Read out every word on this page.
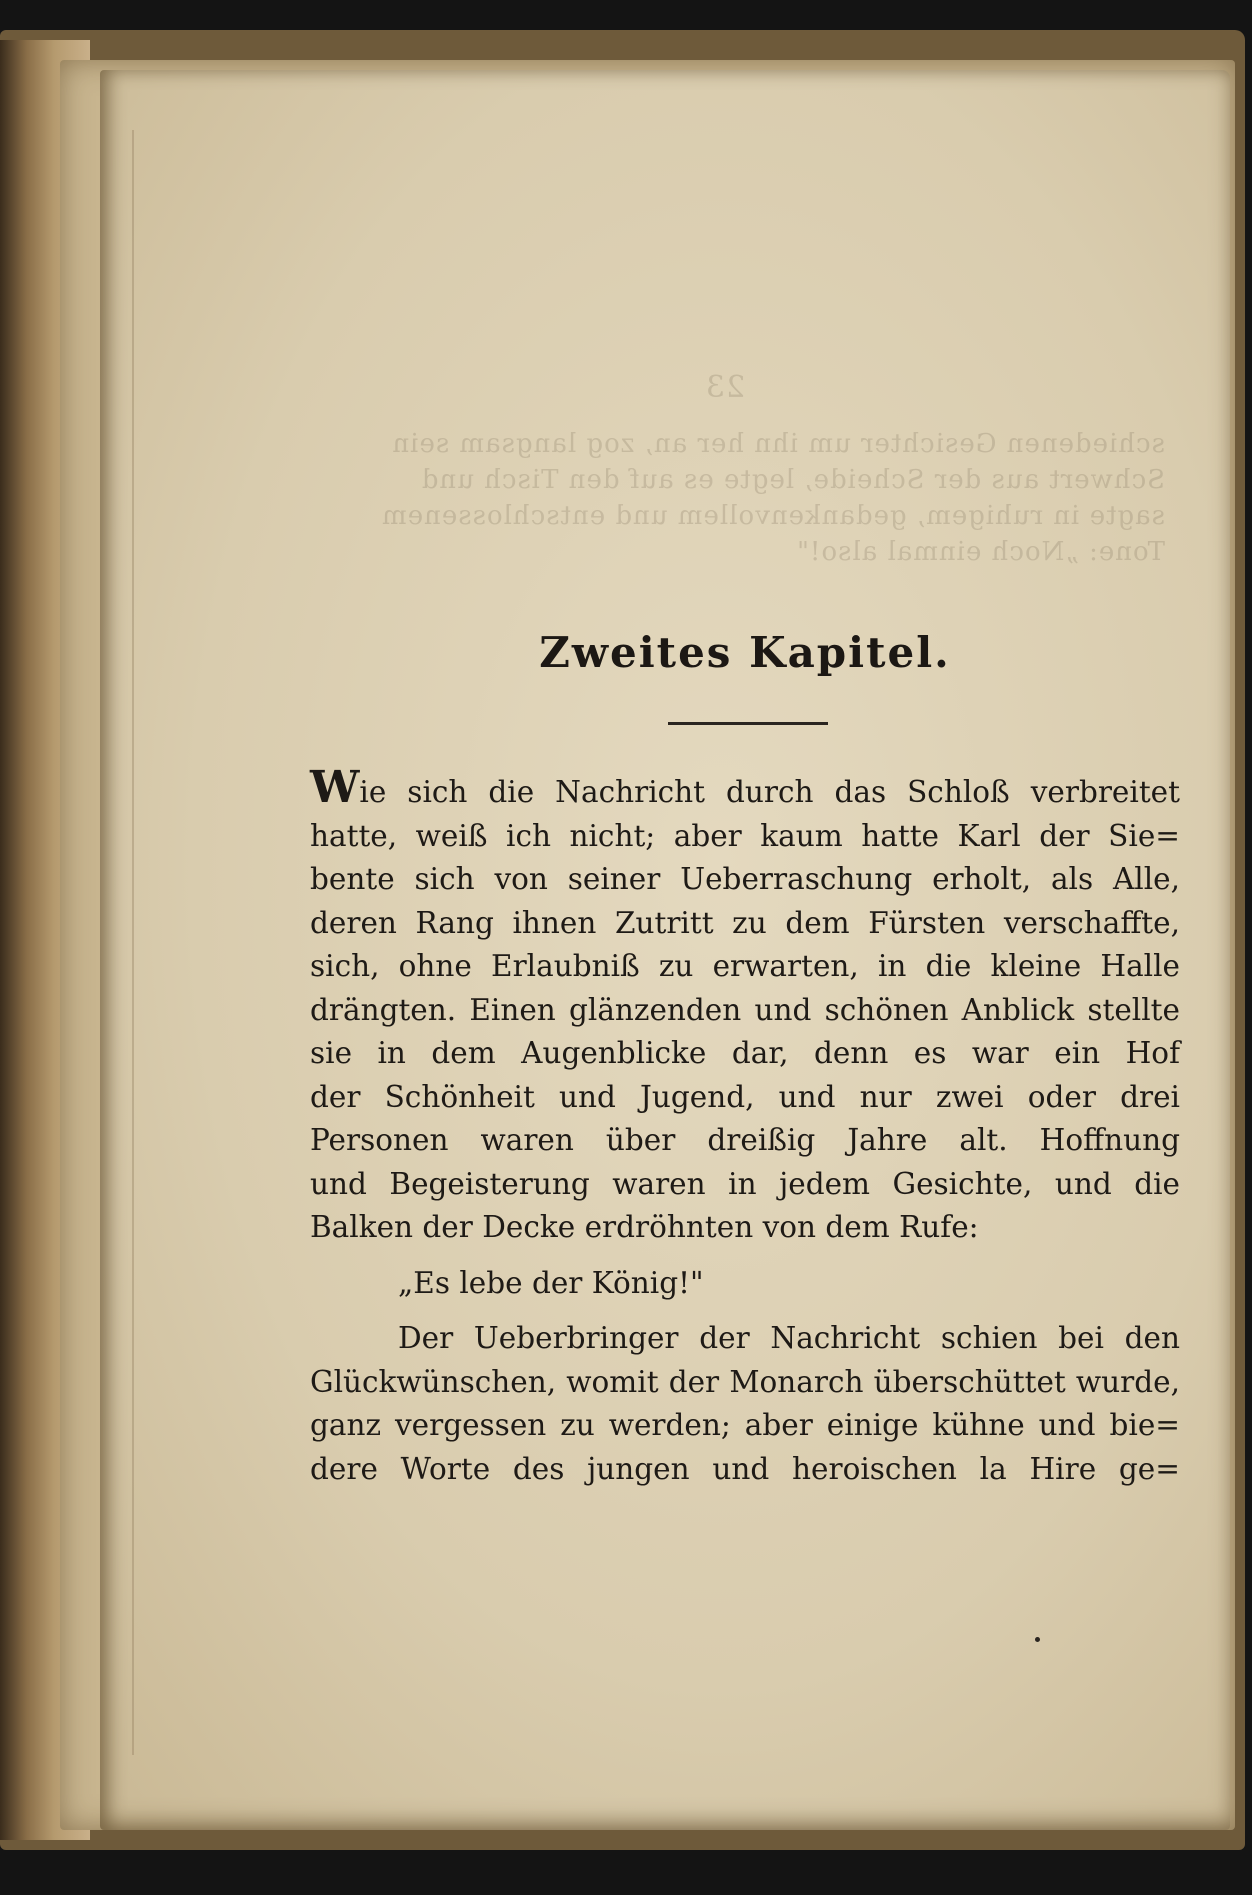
23
schiedenen Gesichter um ihn her an, zog langsam sein
Schwert aus der Scheide, legte es auf den Tisch und
sagte in ruhigem, gedankenvollem und entschlossenem
Tone: „Noch einmal also!"
Zweites Kapitel.

Wie sich die Nachricht durch das Schloß verbreitet
hatte, weiß ich nicht; aber kaum hatte Karl der Sie=
bente sich von seiner Ueberraschung erholt, als Alle,
deren Rang ihnen Zutritt zu dem Fürsten verschaffte,
sich, ohne Erlaubniß zu erwarten, in die kleine Halle
drängten. Einen glänzenden und schönen Anblick stellte
sie in dem Augenblicke dar, denn es war ein Hof
der Schönheit und Jugend, und nur zwei oder drei
Personen waren über dreißig Jahre alt. Hoffnung
und Begeisterung waren in jedem Gesichte, und die
Balken der Decke erdröhnten von dem Rufe:

„Es lebe der König!"

Der Ueberbringer der Nachricht schien bei den
Glückwünschen, womit der Monarch überschüttet wurde,
ganz vergessen zu werden; aber einige kühne und bie=
dere Worte des jungen und heroischen la Hire ge=
